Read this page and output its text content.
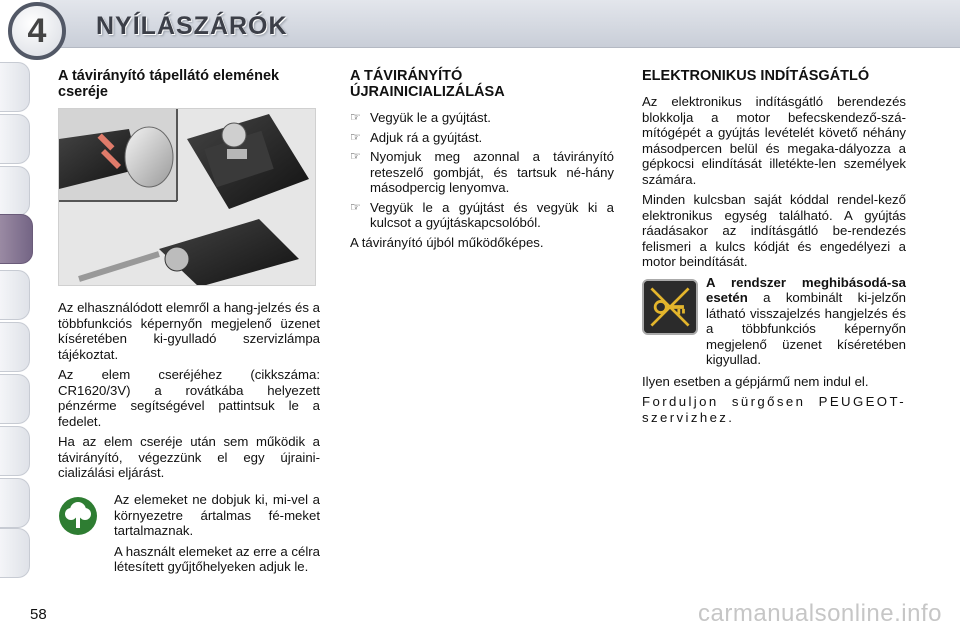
4	NYÍLÁSZÁRÓK
A távirányító tápellátó elemének cseréje
Az elhasználódott elemről a hang-jelzés és a többfunkciós képernyőn megjelenő üzenet kíséretében ki-gyulladó szervizlámpa tájékoztat.
Az elem cseréjéhez (cikkszáma: CR1620/3V) a rovátkába helyezett pénzérme segítségével pattintsuk le a fedelet.
Ha az elem cseréje után sem működik a távirányító, végezzünk el egy újraini-cializálási eljárást.
Az elemeket ne dobjuk ki, mi-vel a környezetre ártalmas fé-meket tartalmaznak.
A használt elemeket az erre a célra létesített gyűjtőhelyeken adjuk le.
A TÁVIRÁNYÍTÓ ÚJRAINICIALIZÁLÁSA
☞ Vegyük le a gyújtást.
☞ Adjuk rá a gyújtást.
☞ Nyomjuk meg azonnal a távirányító reteszelő gombját, és tartsuk né-hány másodpercig lenyomva.
☞ Vegyük le a gyújtást és vegyük ki a kulcsot a gyújtáskapcsolóból.
A távirányító újból működőképes.
ELEKTRONIKUS INDÍTÁSGÁTLÓ
Az elektronikus indításgátló berendezés blokkolja a motor befecskendező-szá-mítógépét a gyújtás levételét követő néhány másodpercen belül és megaka-dályozza a gépkocsi elindítását illetékte-len személyek számára.
Minden kulcsban saját kóddal rendel-kező elektronikus egység található. A gyújtás ráadásakor az indításgátló be-rendezés felismeri a kulcs kódját és engedélyezi a motor beindítását.
A rendszer meghibásodá-sa esetén a kombinált ki-jelzőn látható visszajelzés hangjelzés és a többfunkciós képernyőn megjelenő üzenet kíséretében kigyullad.
Ilyen esetben a gépjármű nem indul el.
Forduljon sürgősen PEUGEOT-szervizhez.
58	carmanualsonline.info
